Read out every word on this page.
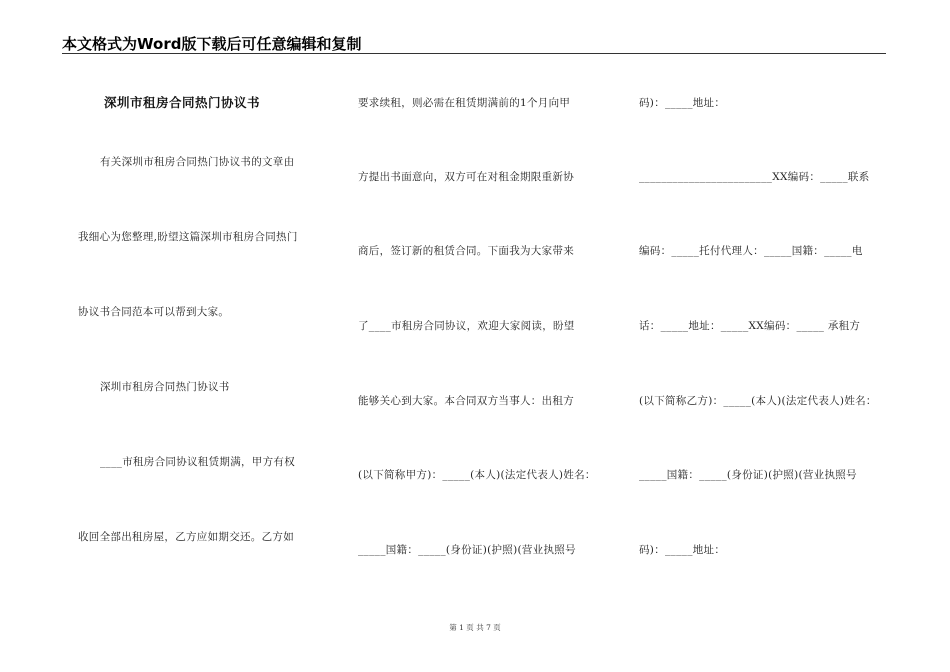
本文格式为Word版下载后可任意编辑和复制
深圳市租房合同热门协议书
有关深圳市租房合同热门协议书的文章由
我细心为您整理,盼望这篇深圳市租房合同热门
协议书合同范本可以帮到大家。
深圳市租房合同热门协议书
____市租房合同协议租赁期满，甲方有权
收回全部出租房屋，乙方应如期交还。乙方如
要求续租，则必需在租赁期满前的1个月向甲
方提出书面意向，双方可在对租金期限重新协
商后，签订新的租赁合同。下面我为大家带来
了____市租房合同协议，欢迎大家阅读，盼望
能够关心到大家。本合同双方当事人：出租方
(以下简称甲方)：_____(本人)(法定代表人)姓名：
_____国籍：_____(身份证)(护照)(营业执照号
码)：_____地址：
________________________XX编码：_____联系
编码：_____托付代理人：_____国籍：_____电
话：_____地址：_____XX编码：_____ 承租方
(以下简称乙方)：_____(本人)(法定代表人)姓名：
_____国籍：_____(身份证)(护照)(营业执照号
码)：_____地址：
第 1 页 共 7 页
